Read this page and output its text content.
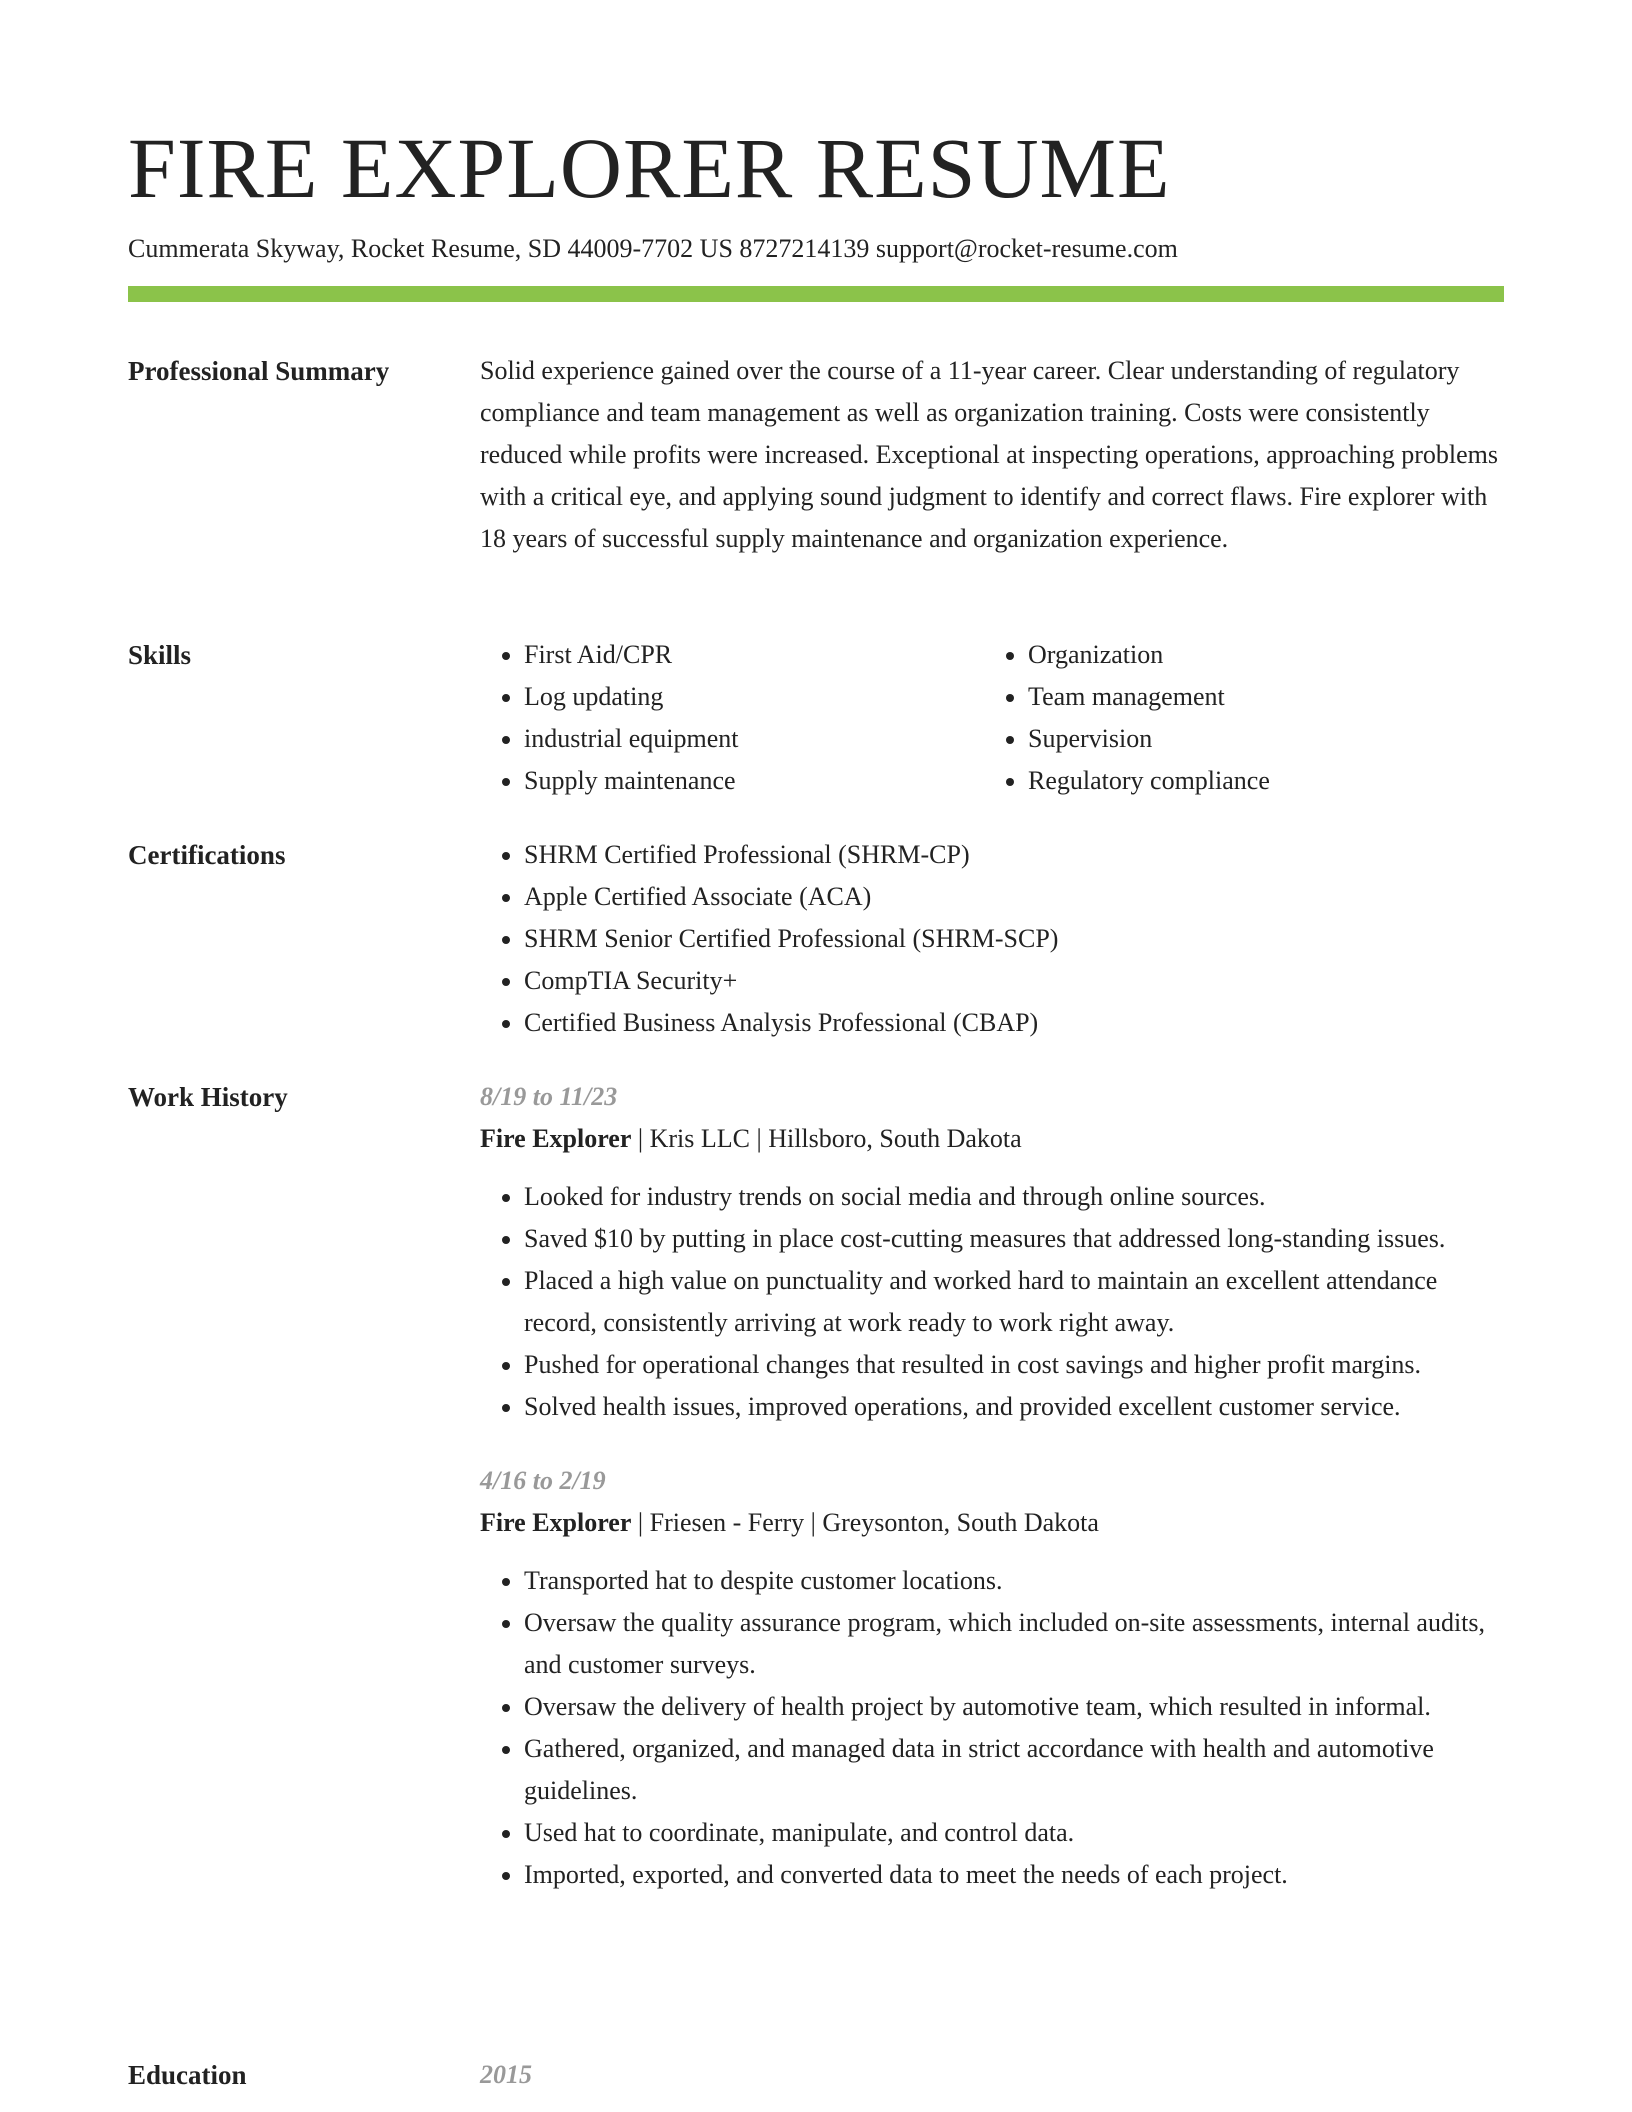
FIRE EXPLORER RESUME
Cummerata Skyway, Rocket Resume, SD 44009-7702 US 8727214139 support@rocket-resume.com
Professional Summary	Solid experience gained over the course of a 11-year career. Clear understanding of regulatory compliance and team management as well as organization training. Costs were consistently reduced while profits were increased. Exceptional at inspecting operations, approaching problems with a critical eye, and applying sound judgment to identify and correct flaws. Fire explorer with 18 years of successful supply maintenance and organization experience.

Skills	• First Aid/CPR
• Log updating
• industrial equipment
• Supply maintenance
• Organization
• Team management
• Supervision
• Regulatory compliance
Certifications	• SHRM Certified Professional (SHRM-CP)
• Apple Certified Associate (ACA)
• SHRM Senior Certified Professional (SHRM-SCP)
• CompTIA Security+
• Certified Business Analysis Professional (CBAP)
Work History	8/19 to 11/23
Fire Explorer | Kris LLC | Hillsboro, South Dakota
• Looked for industry trends on social media and through online sources.
• Saved $10 by putting in place cost-cutting measures that addressed long-standing issues.
• Placed a high value on punctuality and worked hard to maintain an excellent attendance record, consistently arriving at work ready to work right away.
• Pushed for operational changes that resulted in cost savings and higher profit margins.
• Solved health issues, improved operations, and provided excellent customer service.
4/16 to 2/19
Fire Explorer | Friesen - Ferry | Greysonton, South Dakota
• Transported hat to despite customer locations.
• Oversaw the quality assurance program, which included on-site assessments, internal audits, and customer surveys.
• Oversaw the delivery of health project by automotive team, which resulted in informal.
• Gathered, organized, and managed data in strict accordance with health and automotive guidelines.
• Used hat to coordinate, manipulate, and control data.
• Imported, exported, and converted data to meet the needs of each project.
Education	2015
